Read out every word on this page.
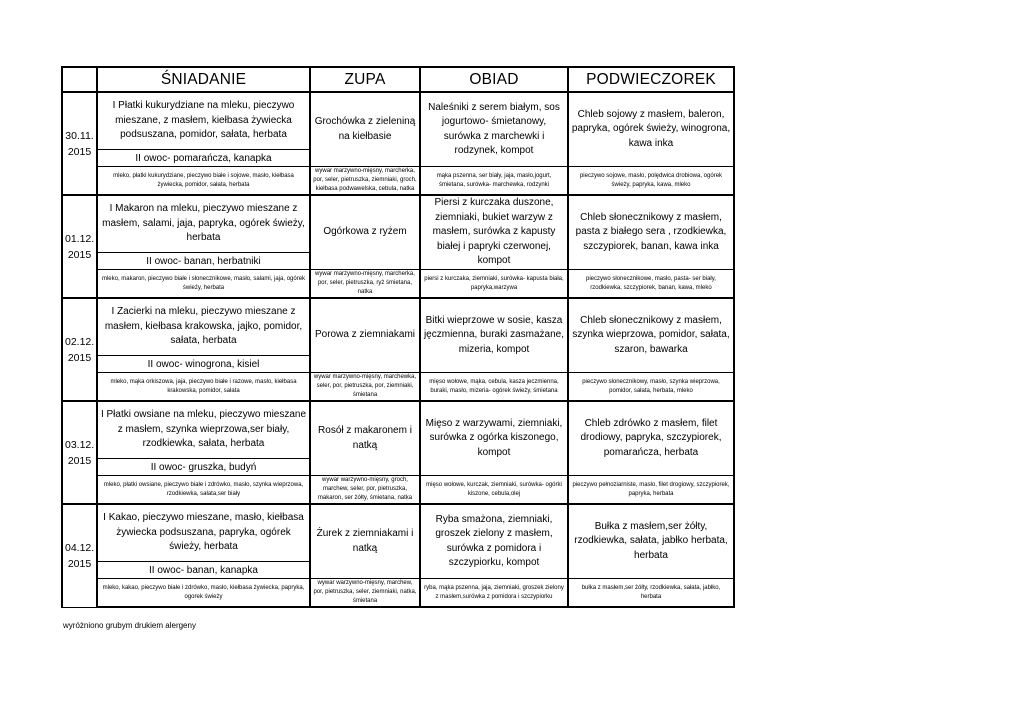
	ŚNIADANIE	ZUPA	OBIAD	PODWIECZOREK
30.11.
2015	I Płatki kukurydziane na mleku, pieczywo mieszane, z masłem, kiełbasa żywiecka podsuszana, pomidor, sałata, herbata	Grochówka z zieleniną na kiełbasie	Naleśniki z serem białym, sos jogurtowo- śmietanowy, surówka z marchewki i rodzynek, kompot	Chleb sojowy z masłem, baleron, papryka, ogórek świeży, winogrona, kawa inka
	II owoc- pomarańcza, kanapka			
	mleko, płatki kukurydziane, pieczywo białe i sojowe, masło, kiełbasa żywiecka, pomidor, sałata, herbata	wywar marzywno-mięsny, marcherka, por, seler, pietruszka, ziemniaki, groch, kiełbasa podwawelska, cebula, natka	mąka pszenna, ser biały, jaja, masło,jogurt, śmietana, surówka- marchewka, rodzynki	pieczywo sojowe, masło, polędwica drobiowa, ogórek świeży, papryka, kawa, mleko
01.12.
2015	I Makaron na mleku, pieczywo mieszane z masłem, salami, jaja, papryka, ogórek świeży, herbata	Ogórkowa z ryżem	Piersi z kurczaka duszone, ziemniaki, bukiet warzyw z masłem, surówka z kapusty białej i papryki czerwonej, kompot	Chleb słonecznikowy z masłem, pasta z białego sera , rzodkiewka, szczypiorek, banan, kawa inka
	II owoc- banan, herbatniki			
	mleko, makaron, pieczywo białe i słonecznikowe, masło, salami, jaja, ogórek świeży, herbata	wywar marzywno-mięsny, marcherka, por, seler, pietruszka, ryż śmietana, natka	piersi z kurczaka, ziemniaki, surówka- kapusta biała, papryka,warzywa	pieczywo słonecznikowe, masło, pasta- ser biały, rzodkiewka, szczypiorek, banan, kawa, mleko
02.12.
2015	I Zacierki na mleku, pieczywo mieszane z masłem, kiełbasa krakowska, jajko, pomidor, sałata, herbata	Porowa z ziemniakami	Bitki wieprzowe w sosie, kasza jęczmienna, buraki zasmażane, mizeria, kompot	Chleb słonecznikowy z masłem, szynka wieprzowa, pomidor, sałata, szaron, bawarka
	II owoc- winogrona, kisiel			
	mleko, mąka orkiszowa, jaja, pieczywo białe i razowe, masło, kiełbasa krakowska, pomidor, sałata	wywar marzywno-mięsny, marchewka, seler, por, pietruszka, por, ziemniaki, śmietana	mięso wołowe, mąka, cebula, kasza jeczmienna, buraki, masło, mizeria- ogórek świeży, śmietana	pieczywo słonecznikowy, masło, szynka wieprzowa, pomidor, sałata, herbata, mleko
03.12.
2015	I Płatki owsiane na mleku, pieczywo mieszane z masłem, szynka wieprzowa,ser biały, rzodkiewka, sałata, herbata	Rosół z makaronem i natką	Mięso z warzywami, ziemniaki, surówka z ogórka kiszonego, kompot	Chleb zdrówko z masłem, filet drodiowy, papryka, szczypiorek, pomarańcza, herbata
	II owoc- gruszka, budyń			
	mleko, płatki owsiane, pieczywo białe i zdrówko, masło, szynka wieprzowa, rzodkiewka, sałata,ser biały	wywar warzywno-mięsny, groch, marchew, seler, por, pietruszka, makaron, ser żółty, śmietana, natka	mięso wołowe, kurczak, ziemniaki, surówka- ogórki kiszone, cebula,olej	pieczywo pełnoziarniste, masło, filet drogiowy, szczypiorek, papryka, herbata
04.12.
2015	I Kakao, pieczywo mieszane, masło, kiełbasa żywiecka podsuszana, papryka, ogórek świeży, herbata	Żurek z ziemniakami i natką	Ryba smażona, ziemniaki, groszek zielony z masłem, surówka z pomidora i szczypiorku, kompot	Bułka z masłem,ser żółty, rzodkiewka, sałata, jabłko herbata, herbata
	II owoc- banan, kanapka			
	mleko, kakao, pieczywo białe i zdrówko, masło, kiełbasa żywiecka, papryka, ogorek świeży	wywar warzywno-mięsny, marchew, por, pietruszka, seler, ziemniaki, natka, śmietana	ryba, mąka pszenna, jaja, ziemniaki, groszek zielony z masłem,surówka z pomidora i szczypiorku	bułka z masłem,ser żółty, rzodkiewka, sałata, jabłko, herbata
wyróżniono grubym drukiem alergeny
